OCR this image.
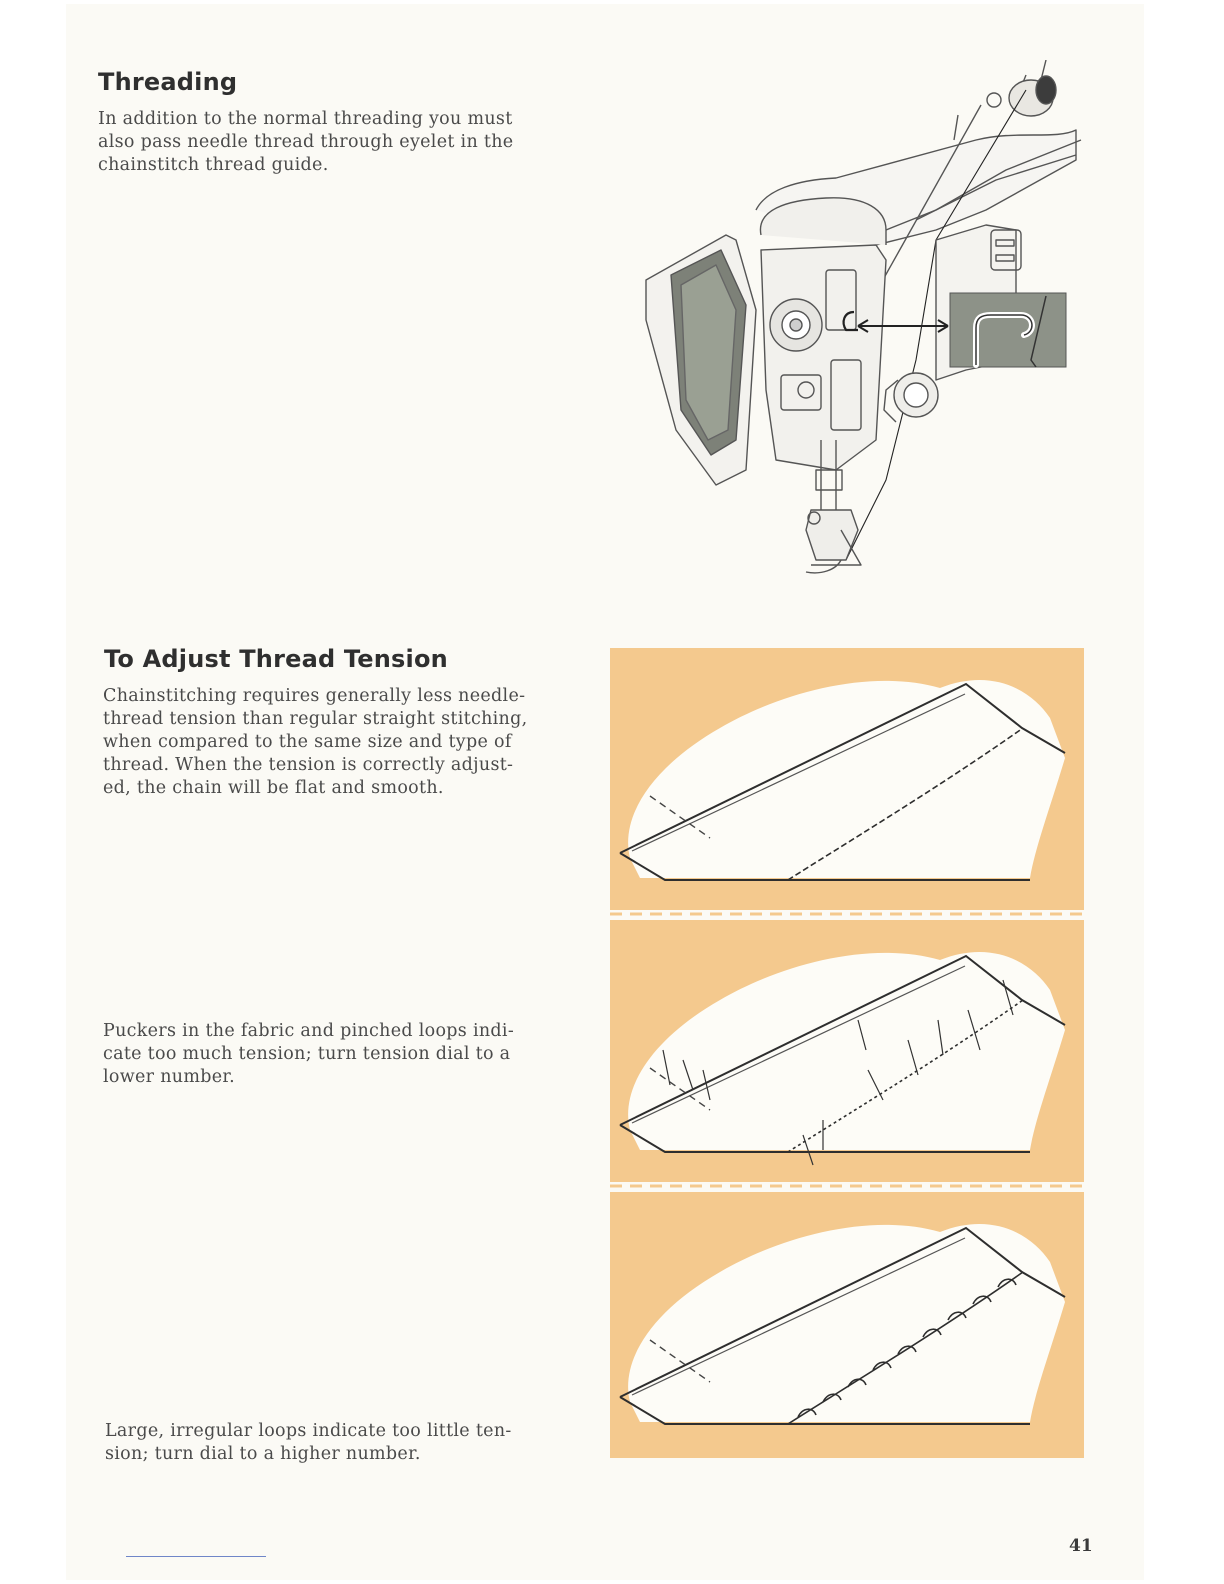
Threading
In addition to the normal threading you must
also pass needle thread through eyelet in the
chainstitch thread guide.
To Adjust Thread Tension
Chainstitching requires generally less needle-
thread tension than regular straight stitching,
when compared to the same size and type of
thread. When the tension is correctly adjust-
ed, the chain will be flat and smooth.
Puckers in the fabric and pinched loops indi-
cate too much tension; turn tension dial to a
lower number.
Large, irregular loops indicate too little ten-
sion; turn dial to a higher number.
41
